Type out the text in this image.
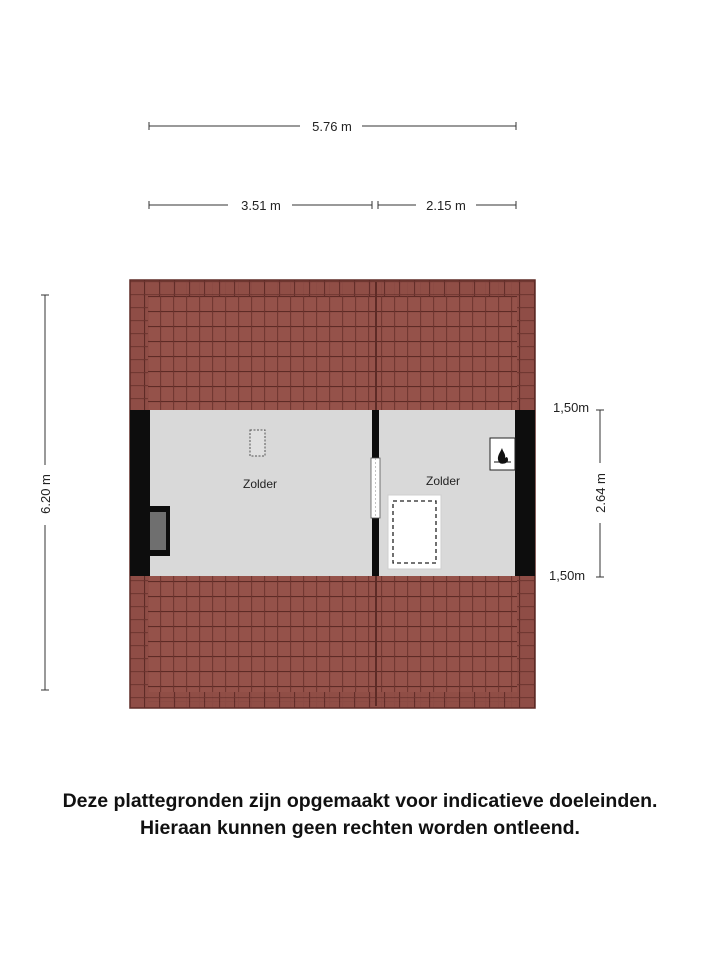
5.76 m
3.51 m	2.15 m
6.20 m	2.64 m
1,50m
1,50m
Zolder	Zolder
Deze plattegronden zijn opgemaakt voor indicatieve doeleinden.
Hieraan kunnen geen rechten worden ontleend.
